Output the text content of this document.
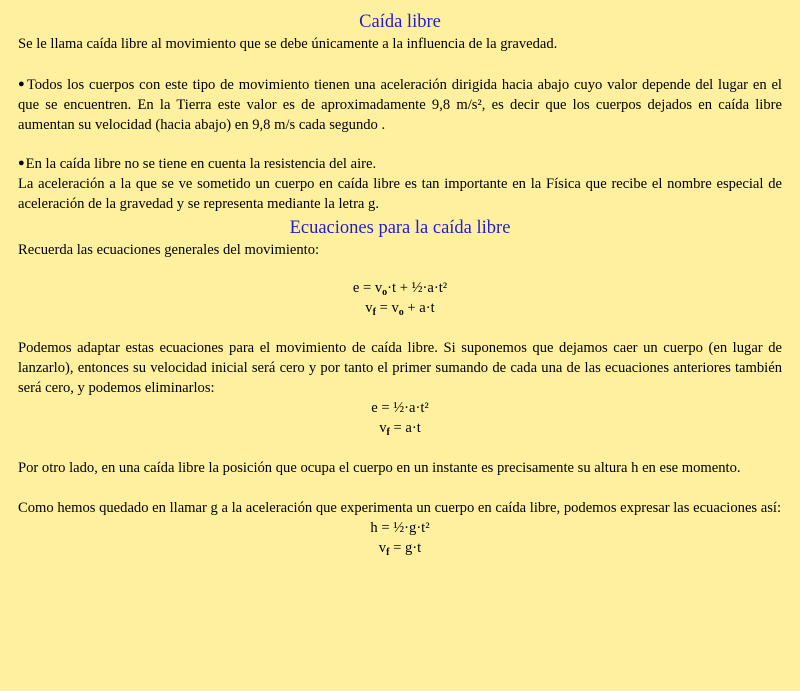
Caída libre

Se le llama caída libre al movimiento que se debe únicamente a la influencia de la gravedad.

●Todos los cuerpos con este tipo de movimiento tienen una aceleración dirigida hacia abajo cuyo valor depende del lugar en el que se encuentren. En la Tierra este valor es de aproximadamente 9,8 m/s², es decir que los cuerpos dejados en caída libre aumentan su velocidad (hacia abajo) en 9,8 m/s cada segundo .

●En la caída libre no se tiene en cuenta la resistencia del aire.

La aceleración a la que se ve sometido un cuerpo en caída libre es tan importante en la Física que recibe el nombre especial de aceleración de la gravedad y se representa mediante la letra g.

Ecuaciones para la caída libre

Recuerda las ecuaciones generales del movimiento:

$e = v_o\cdot t$ + ½·a·t²
$v_f = v_o + a\cdot t$

Podemos adaptar estas ecuaciones para el movimiento de caída libre. Si suponemos que dejamos caer un cuerpo (en lugar de lanzarlo), entonces su velocidad inicial será cero y por tanto el primer sumando de cada una de las ecuaciones anteriores también será cero, y podemos eliminarlos:

e = ½·a·t²
$v_f = a\cdot t$

Por otro lado, en una caída libre la posición que ocupa el cuerpo en un instante es precisamente su altura h en ese momento.

Como hemos quedado en llamar g a la aceleración que experimenta un cuerpo en caída libre, podemos expresar las ecuaciones así:

h = ½·g·t²
$v_f = g\cdot t$
